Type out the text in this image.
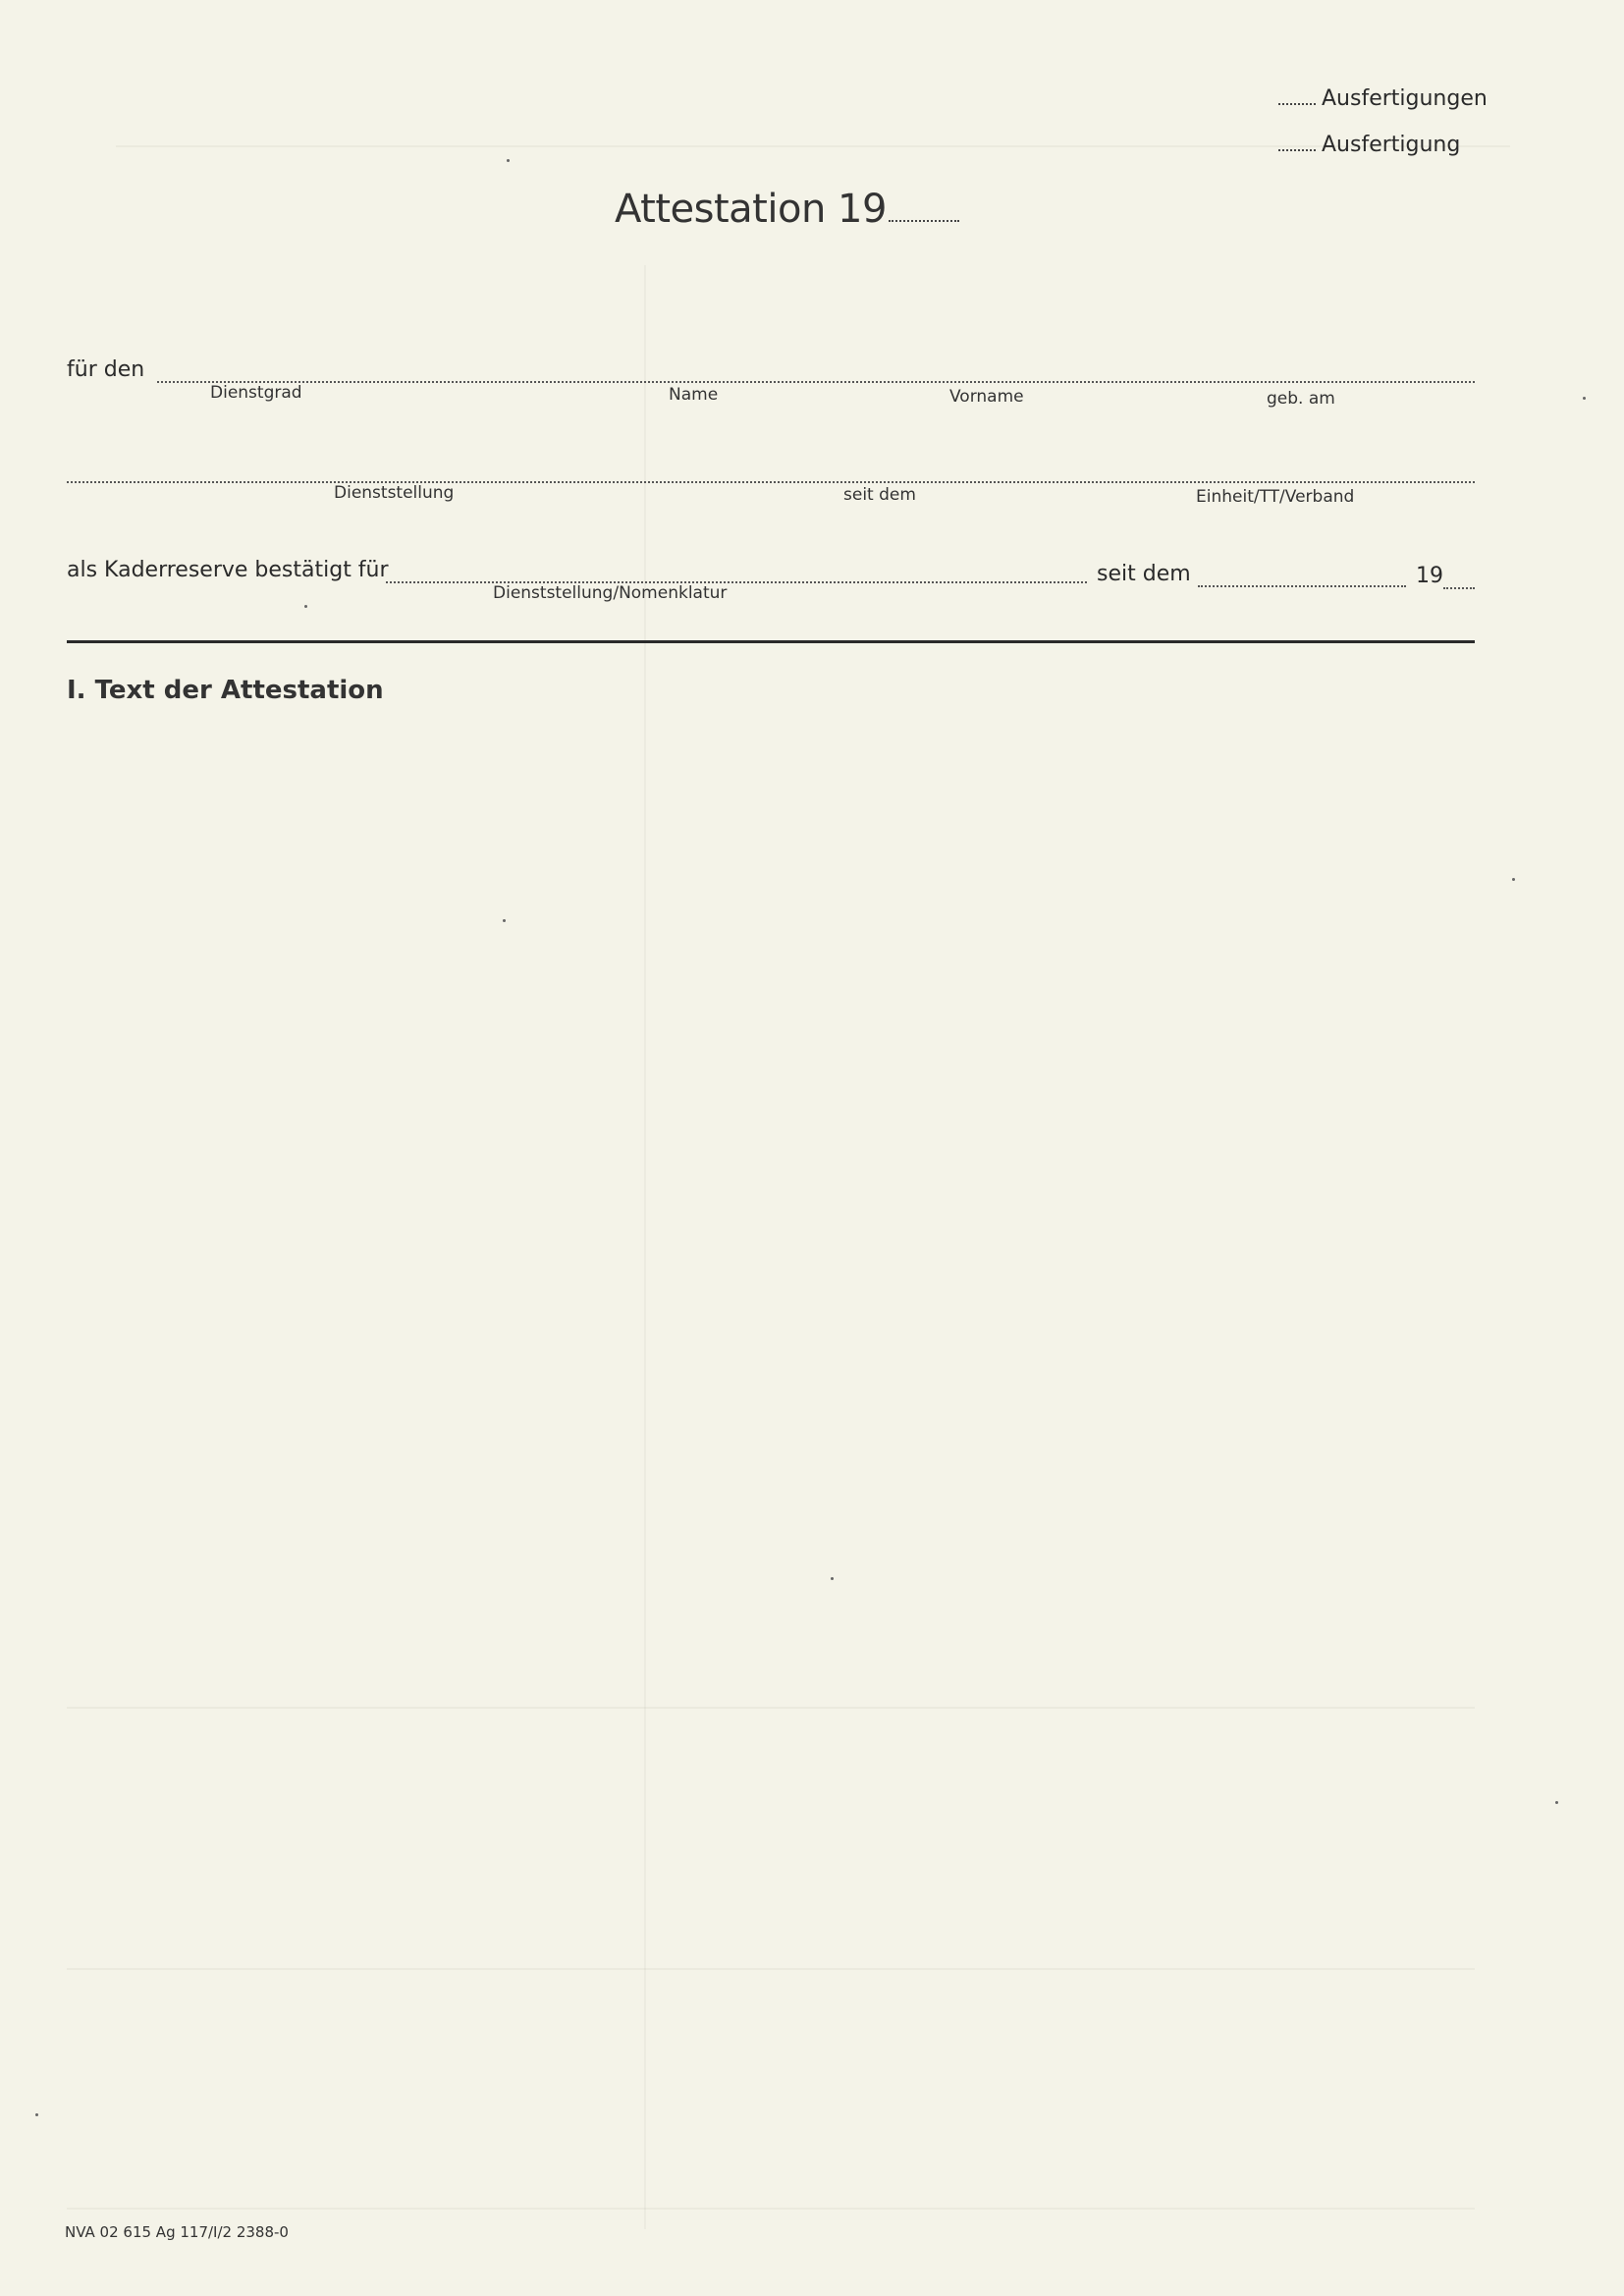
Ausfertigungen
Ausfertigung
Attestation 19
für den
Dienstgrad	Name	Vorname	geb. am
Dienststellung	seit dem	Einheit/TT/Verband
als Kaderreserve bestätigt für
Dienststellung/Nomenklatur
seit dem	19
I. Text der Attestation
NVA 02 615 Ag 117/I/2 2388-0
